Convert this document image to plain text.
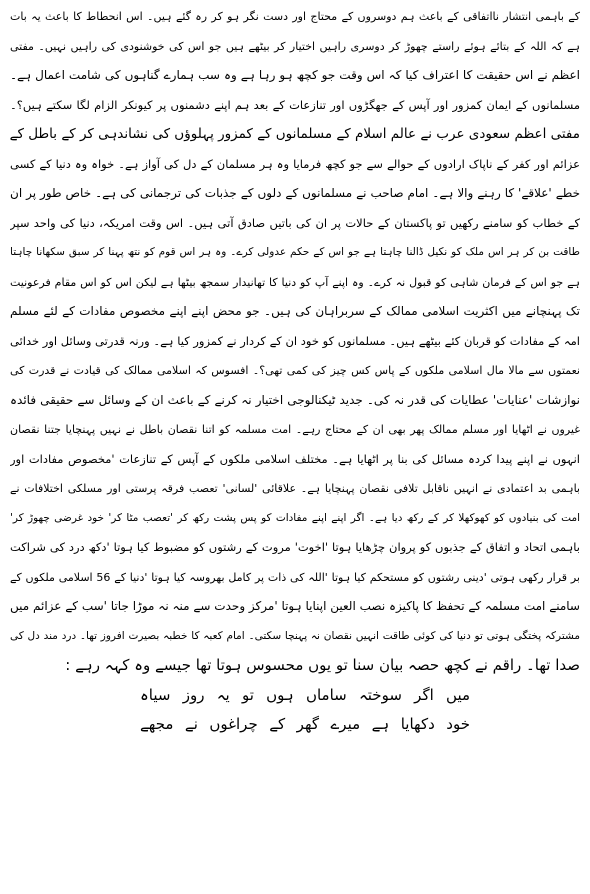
کے باہمی انتشار نااتفاقی کے باعث ہم دوسروں کے محتاج اور دست نگر ہو کر رہ گئے ہیں۔ اس انحطاط کا باعث یہ بات
ہے کہ اللہ کے بتائے ہوئے راستے چھوڑ کر دوسری راہیں اختیار کر بیٹھے ہیں جو اس کی خوشنودی کی راہیں نہیں۔ مفتی
اعظم نے اس حقیقت کا اعتراف کیا کہ اس وقت جو کچھ ہو رہا ہے وہ سب ہمارے گناہوں کی شامت اعمال ہے۔
مسلمانوں کے ایمان کمزور اور آپس کے جھگڑوں اور تنازعات کے بعد ہم اپنے دشمنوں پر کیونکر الزام لگا سکتے ہیں؟۔
مفتی اعظم سعودی عرب نے عالم اسلام کے مسلمانوں کے کمزور پہلوؤں کی نشاندہی کر کے باطل کے
عزائم اور کفر کے ناپاک ارادوں کے حوالے سے جو کچھ فرمایا وہ ہر مسلمان کے دل کی آواز ہے۔ خواہ وہ دنیا کے کسی
خطے 'علاقے' کا رہنے والا ہے۔ امام صاحب نے مسلمانوں کے دلوں کے جذبات کی ترجمانی کی ہے۔ خاص طور پر ان
کے خطاب کو سامنے رکھیں تو پاکستان کے حالات پر ان کی باتیں صادق آتی ہیں۔ اس وقت امریکہ، دنیا کی واحد سپر
طاقت بن کر ہر اس ملک کو نکیل ڈالنا چاہتا ہے جو اس کے حکم عدولی کرے۔ وہ ہر اس قوم کو نتھ پہنا کر سبق سکھانا چاہتا
ہے جو اس کے فرمان شاہی کو قبول نہ کرے۔ وہ اپنے آپ کو دنیا کا تھانیدار سمجھ بیٹھا ہے لیکن اس کو اس مقام فرعونیت
تک پہنچانے میں اکثریت اسلامی ممالک کے سربراہان کی ہیں۔ جو محض اپنے اپنے مخصوص مفادات کے لئے مسلم
امہ کے مفادات کو قربان کئے بیٹھے ہیں۔ مسلمانوں کو خود ان کے کردار نے کمزور کیا ہے۔ ورنہ قدرتی وسائل اور خدائی
نعمتوں سے مالا مال اسلامی ملکوں کے پاس کس چیز کی کمی تھی؟۔ افسوس کہ اسلامی ممالک کی قیادت نے قدرت کی
نوازشات 'عنایات' عطایات کی قدر نہ کی۔ جدید ٹیکنالوجی اختیار نہ کرنے کے باعث ان کے وسائل سے حقیقی فائدہ
غیروں نے اٹھایا اور مسلم ممالک پھر بھی ان کے محتاج رہے۔ امت مسلمہ کو اتنا نقصان باطل نے نہیں پہنچایا جتنا نقصان
انہوں نے اپنے پیدا کردہ مسائل کی بنا پر اٹھایا ہے۔ مختلف اسلامی ملکوں کے آپس کے تنازعات 'مخصوص مفادات اور
باہمی بد اعتمادی نے انہیں ناقابل تلافی نقصان پہنچایا ہے۔ علاقائی 'لسانی' تعصب فرقہ پرستی اور مسلکی اختلافات نے
امت کی بنیادوں کو کھوکھلا کر کے رکھ دیا ہے۔ اگر اپنے اپنے مفادات کو پس پشت رکھ کر 'تعصب مٹا کر' خود غرضی چھوڑ کر'
باہمی اتحاد و اتفاق کے جذبوں کو پروان چڑھایا ہوتا 'اخوت' مروت کے رشتوں کو مضبوط کیا ہوتا 'دکھ درد کی شراکت
بر قرار رکھی ہوتی 'دینی رشتوں کو مستحکم کیا ہوتا 'اللہ کی ذات پر کامل بھروسہ کیا ہوتا 'دنیا کے 56 اسلامی ملکوں کے
سامنے امت مسلمہ کے تحفظ کا پاکیزہ نصب العین اپنایا ہوتا 'مرکز وحدت سے منہ نہ موڑا جاتا 'سب کے عزائم میں
مشترکہ پختگی ہوتی تو دنیا کی کوئی طاقت انہیں نقصان نہ پہنچا سکتی۔ امام کعبہ کا خطبہ بصیرت افروز تھا۔ درد مند دل کی
صدا تھا۔ راقم نے کچھ حصہ بیان سنا تو یوں محسوس ہوتا تھا جیسے وہ کہہ رہے :
میں اگر سوختہ ساماں ہوں تو یہ روز سیاہ
خود دکھایا ہے میرے گھر کے چراغوں نے مجھے
